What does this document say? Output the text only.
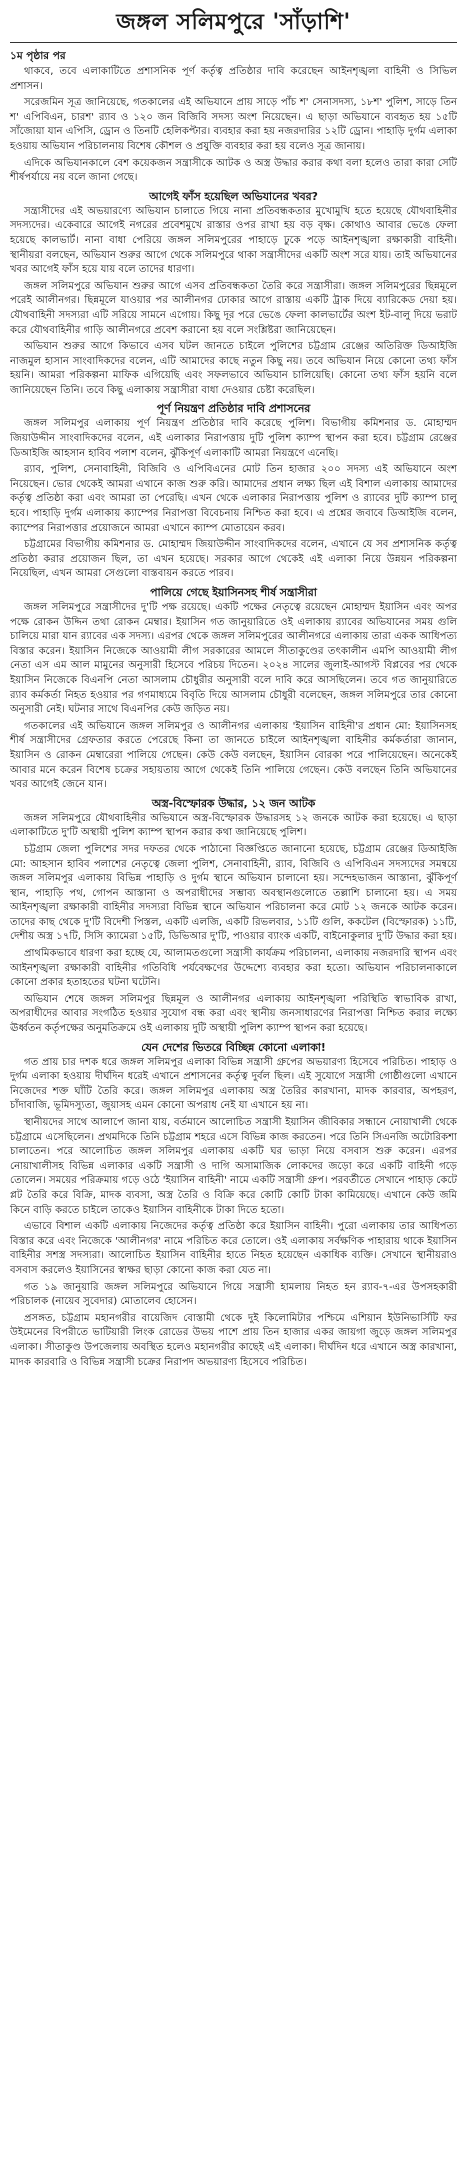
জঙ্গল সলিমপুরে 'সাঁড়াশি'
১ম পৃষ্ঠার পর

থাকবে, তবে এলাকাটিতে প্রশাসনিক পূর্ণ কর্তৃত্ব প্রতিষ্ঠার দাবি করেছেন আইনশৃঙ্খলা বাহিনী ও সিভিল প্রশাসন।

সরেজমিন সূত্র জানিয়েছে, গতকালের এই অভিযানে প্রায় সাড়ে পাঁচ শ' সেনাসদস্য, ১৮শ' পুলিশ, সাড়ে তিন শ' এপিবিএন, চারশ' র‍্যাব ও ১২০ জন বিজিবি সদস্য অংশ নিয়েছেন। এ ছাড়া অভিযানে ব্যবহৃত হয় ১৫টি সাঁজোয়া যান এপিসি, ড্রোন ও তিনটি হেলিকপ্টার। ব্যবহার করা হয় নজরদারির ১২টি ড্রোন। পাহাড়ি দুর্গম এলাকা হওয়ায় অভিযান পরিচালনায় বিশেষ কৌশল ও প্রযুক্তি ব্যবহার করা হয় বলেও সূত্র জানায়।

এদিকে অভিযানকালে বেশ কয়েকজন সন্ত্রাসীকে আটক ও অস্ত্র উদ্ধার করার কথা বলা হলেও তারা কারা সেটি শীর্ষপর্যায়ে নয় বলে জানা গেছে।

আগেই ফাঁস হয়েছিল অভিযানের খবর?

সন্ত্রাসীদের এই অভয়ারণ্যে অভিযান চালাতে গিয়ে নানা প্রতিবন্ধকতার মুখোমুখি হতে হয়েছে যৌথবাহিনীর সদস্যদের। একেবারে আগেই নগরের প্রবেশমুখে রাস্তার ওপর রাখা হয় বড় বৃক্ষ। কোথাও আবার ভেঙে ফেলা হয়েছে কালভার্ট। নানা বাধা পেরিয়ে জঙ্গল সলিমপুরের পাহাড়ে ঢুকে পড়ে আইনশৃঙ্খলা রক্ষাকারী বাহিনী। স্থানীয়রা বলছেন, অভিযান শুরুর আগে থেকে সলিমপুরে থাকা সন্ত্রাসীদের একটি অংশ সরে যায়। তাই অভিযানের খবর আগেই ফাঁস হয়ে যায় বলে তাদের ধারণা।

জঙ্গল সলিমপুরে অভিযান শুরুর আগে এসব প্রতিবন্ধকতা তৈরি করে সন্ত্রাসীরা। জঙ্গল সলিমপুরের ছিন্নমূলে পরেই আলীনগর। ছিন্নমূলে যাওয়ার পর আলীনগর ঢোকার আগে রাস্তায় একটি ট্রাক দিয়ে ব্যারিকেড দেয়া হয়। যৌথবাহিনী সদস্যরা এটি সরিয়ে সামনে এগোয়। কিছু দূর পরে ভেঙে ফেলা কালভার্টের অংশ ইট-বালু দিয়ে ভরাট করে যৌথবাহিনীর গাড়ি আলীনগরে প্রবেশ করানো হয় বলে সংশ্লিষ্টরা জানিয়েছেন।

অভিযান শুরুর আগে কিভাবে এসব ঘটল জানতে চাইলে পুলিশের চট্টগ্রাম রেঞ্জের অতিরিক্ত ডিআইজি নাজমুল হাসান সাংবাদিকদের বলেন, এটি আমাদের কাছে নতুন কিছু নয়। তবে অভিযান নিয়ে কোনো তথ্য ফাঁস হয়নি। আমরা পরিকল্পনা মাফিক এগিয়েছি এবং সফলভাবে অভিযান চালিয়েছি। কোনো তথ্য ফাঁস হয়নি বলে জানিয়েছেন তিনি। তবে কিছু এলাকায় সন্ত্রাসীরা বাধা দেওয়ার চেষ্টা করেছিল।

পূর্ণ নিয়ন্ত্রণ প্রতিষ্ঠার দাবি প্রশাসনের

জঙ্গল সলিমপুর এলাকায় পূর্ণ নিয়ন্ত্রণ প্রতিষ্ঠার দাবি করেছে পুলিশ। বিভাগীয় কমিশনার ড. মোহাম্মদ জিয়াউদ্দীন সাংবাদিকদের বলেন, এই এলাকার নিরাপত্তায় দুটি পুলিশ ক্যাম্প স্থাপন করা হবে। চট্টগ্রাম রেঞ্জের ডিআইজি আহসান হাবিব পলাশ বলেন, ঝুঁকিপূর্ণ এলাকাটি আমরা নিয়ন্ত্রণে এনেছি।

র‍্যাব, পুলিশ, সেনাবাহিনী, বিজিবি ও এপিবিএনের মোট তিন হাজার ২০০ সদস্য এই অভিযানে অংশ নিয়েছেন। ভোর থেকেই আমরা এখানে কাজ শুরু করি। আমাদের প্রধান লক্ষ্য ছিল এই বিশাল এলাকায় আমাদের কর্তৃত্ব প্রতিষ্ঠা করা এবং আমরা তা পেরেছি। এখন থেকে এলাকার নিরাপত্তায় পুলিশ ও র‍্যাবের দুটি ক্যাম্প চালু হবে। পাহাড়ি দুর্গম এলাকায় ক্যাম্পের নিরাপত্তা বিবেচনায় নিশ্চিত করা হবে। এ প্রশ্নের জবাবে ডিআইজি বলেন, ক্যাম্পের নিরাপত্তার প্রয়োজনে আমরা এখানে ক্যাম্প মোতায়েন করব।

চট্টগ্রামের বিভাগীয় কমিশনার ড. মোহাম্মদ জিয়াউদ্দীন সাংবাদিকদের বলেন, এখানে যে সব প্রশাসনিক কর্তৃত্ব প্রতিষ্ঠা করার প্রয়োজন ছিল, তা এখন হয়েছে। সরকার আগে থেকেই এই এলাকা নিয়ে উন্নয়ন পরিকল্পনা নিয়েছিল, এখন আমরা সেগুলো বাস্তবায়ন করতে পারব।

পালিয়ে গেছে ইয়াসিনসহ শীর্ষ সন্ত্রাসীরা

জঙ্গল সলিমপুরে সন্ত্রাসীদের দু'টি পক্ষ রয়েছে। একটি পক্ষের নেতৃত্বে রয়েছেন মোহাম্মদ ইয়াসিন এবং অপর পক্ষে রোকন উদ্দিন তথা রোকন মেম্বার। ইয়াসিন গত জানুয়ারিতে ওই এলাকায় র‍্যাবের অভিযানের সময় গুলি চালিয়ে মারা যান র‍্যাবের এক সদস্য। এরপর থেকে জঙ্গল সলিমপুরের আলীনগরে এলাকায় তারা একক আধিপত্য বিস্তার করেন। ইয়াসিন নিজেকে আওয়ামী লীগ সরকারের আমলে সীতাকুণ্ডের তৎকালীন এমপি আওয়ামী লীগ নেতা এস এম আল মামুনের অনুসারী হিসেবে পরিচয় দিতেন। ২০২৪ সালের জুলাই-আগস্ট বিপ্লবের পর থেকে ইয়াসিন নিজেকে বিএনপি নেতা আসলাম চৌধুরীর অনুসারী বলে দাবি করে আসছিলেন। তবে গত জানুয়ারিতে র‍্যাব কর্মকর্তা নিহত হওয়ার পর গণমাধ্যমে বিবৃতি দিয়ে আসলাম চৌধুরী বলেছেন, জঙ্গল সলিমপুরে তার কোনো অনুসারী নেই। ঘটনার সাথে বিএনপির কেউ জড়িত নয়।

গতকালের এই অভিযানে জঙ্গল সলিমপুর ও আলীনগর এলাকায় 'ইয়াসিন বাহিনী'র প্রধান মো: ইয়াসিনসহ শীর্ষ সন্ত্রাসীদের গ্রেফতার করতে পেরেছে কিনা তা জানতে চাইলে আইনশৃঙ্খলা বাহিনীর কর্মকর্তারা জানান, ইয়াসিন ও রোকন মেম্বারেরা পালিয়ে গেছেন। কেউ কেউ বলছেন, ইয়াসিন বোরকা পরে পালিয়েছেন। অনেকেই আবার মনে করেন বিশেষ চক্রের সহায়তায় আগে থেকেই তিনি পালিয়ে গেছেন। কেউ বলছেন তিনি অভিযানের খবর আগেই জেনে যান।

অস্ত্র-বিস্ফোরক উদ্ধার, ১২ জন আটক

জঙ্গল সলিমপুরে যৌথবাহিনীর অভিযানে অস্ত্র-বিস্ফোরক উদ্ধারসহ ১২ জনকে আটক করা হয়েছে। এ ছাড়া এলাকাটিতে দু'টি অস্থায়ী পুলিশ ক্যাম্প স্থাপন করার কথা জানিয়েছে পুলিশ।

চট্টগ্রাম জেলা পুলিশের সদর দফতর থেকে পাঠানো বিজ্ঞপ্তিতে জানানো হয়েছে, চট্টগ্রাম রেঞ্জের ডিআইজি মো: আহসান হাবিব পলাশের নেতৃত্বে জেলা পুলিশ, সেনাবাহিনী, র‍্যাব, বিজিবি ও এপিবিএন সদস্যদের সমন্বয়ে জঙ্গল সলিমপুর এলাকায় বিভিন্ন পাহাড়ি ও দুর্গম স্থানে অভিযান চালানো হয়। সন্দেহভাজন আস্তানা, ঝুঁকিপূর্ণ স্থান, পাহাড়ি পথ, গোপন আস্তানা ও অপরাধীদের সম্ভাব্য অবস্থানগুলোতে তল্লাশি চালানো হয়। এ সময় আইনশৃঙ্খলা রক্ষাকারী বাহিনীর সদস্যরা বিভিন্ন স্থানে অভিযান পরিচালনা করে মোট ১২ জনকে আটক করেন। তাদের কাছ থেকে দু'টি বিদেশী পিস্তল, একটি এলজি, একটি রিভলবার, ১১টি গুলি, ককটেল (বিস্ফোরক) ১১টি, দেশীয় অস্ত্র ১৭টি, সিসি ক্যামেরা ১৫টি, ডিভিআর দু'টি, পাওয়ার ব্যাংক একটি, বাইনোকুলার দু'টি উদ্ধার করা হয়।

প্রাথমিকভাবে ধারণা করা হচ্ছে যে, আলামতগুলো সন্ত্রাসী কার্যক্রম পরিচালনা, এলাকায় নজরদারি স্থাপন এবং আইনশৃঙ্খলা রক্ষাকারী বাহিনীর গতিবিধি পর্যবেক্ষণের উদ্দেশ্যে ব্যবহার করা হতো। অভিযান পরিচালনাকালে কোনো প্রকার হতাহতের ঘটনা ঘটেনি।

অভিযান শেষে জঙ্গল সলিমপুর ছিন্নমূল ও আলীনগর এলাকায় আইনশৃঙ্খলা পরিস্থিতি স্বাভাবিক রাখা, অপরাধীদের আবার সংগঠিত হওয়ার সুযোগ বন্ধ করা এবং স্থানীয় জনসাধারণের নিরাপত্তা নিশ্চিত করার লক্ষ্যে ঊর্ধ্বতন কর্তৃপক্ষের অনুমতিক্রমে ওই এলাকায় দুটি অস্থায়ী পুলিশ ক্যাম্প স্থাপন করা হয়েছে।

যেন দেশের ভিতরে বিচ্ছিন্ন কোনো এলাকা!

গত প্রায় চার দশক ধরে জঙ্গল সলিমপুর এলাকা বিভিন্ন সন্ত্রাসী গ্রুপের অভয়ারণ্য হিসেবে পরিচিত। পাহাড় ও দুর্গম এলাকা হওয়ায় দীর্ঘদিন ধরেই এখানে প্রশাসনের কর্তৃত্ব দুর্বল ছিল। এই সুযোগে সন্ত্রাসী গোষ্ঠীগুলো এখানে নিজেদের শক্ত ঘাঁটি তৈরি করে। জঙ্গল সলিমপুর এলাকায় অস্ত্র তৈরির কারখানা, মাদক কারবার, অপহরণ, চাঁদাবাজি, ভূমিদস্যুতা, জুয়াসহ এমন কোনো অপরাধ নেই যা এখানে হয় না।

স্থানীয়দের সাথে আলাপে জানা যায়, বর্তমানে আলোচিত সন্ত্রাসী ইয়াসিন জীবিকার সন্ধানে নোয়াখালী থেকে চট্টগ্রামে এসেছিলেন। প্রথমদিকে তিনি চট্টগ্রাম শহরে এসে বিভিন্ন কাজ করতেন। পরে তিনি সিএনজি অটোরিকশা চালাতেন। পরে আলোচিত জঙ্গল সলিমপুর এলাকায় একটি ঘর ভাড়া নিয়ে বসবাস শুরু করেন। এরপর নোয়াখালীসহ বিভিন্ন এলাকার একটি সন্ত্রাসী ও দাগি অসামাজিক লোকদের জড়ো করে একটি বাহিনী গড়ে তোলেন। সময়ের পরিক্রমায় গড়ে ওঠে 'ইয়াসিন বাহিনী' নামে একটি সন্ত্রাসী গ্রুপ। পরবর্তীতে সেখানে পাহাড় কেটে প্লট তৈরি করে বিক্রি, মাদক ব্যবসা, অস্ত্র তৈরি ও বিক্রি করে কোটি কোটি টাকা কামিয়েছে। এখানে কেউ জমি কিনে বাড়ি করতে চাইলে তাকেও ইয়াসিন বাহিনীকে টাকা দিতে হতো।

এভাবে বিশাল একটি এলাকায় নিজেদের কর্তৃত্ব প্রতিষ্ঠা করে ইয়াসিন বাহিনী। পুরো এলাকায় তার আধিপত্য বিস্তার করে এবং নিজেকে 'আলীনগর' নামে পরিচিত করে তোলে। ওই এলাকায় সর্বক্ষণিক পাহারায় থাকে ইয়াসিন বাহিনীর সশস্ত্র সদস্যরা। আলোচিত ইয়াসিন বাহিনীর হাতে নিহত হয়েছেন একাধিক ব্যক্তি। সেখানে স্থানীয়রাও বসবাস করলেও ইয়াসিনের স্বাক্ষর ছাড়া কোনো কাজ করা যেত না।

গত ১৯ জানুয়ারি জঙ্গল সলিমপুরে অভিযানে গিয়ে সন্ত্রাসী হামলায় নিহত হন র‍্যাব-৭-এর উপসহকারী পরিচালক (নায়েব সুবেদার) মোতালেব হোসেন।

প্রসঙ্গত, চট্টগ্রাম মহানগরীর বায়েজিদ বোস্তামী থেকে দুই কিলোমিটার পশ্চিমে এশিয়ান ইউনিভার্সিটি ফর উইমেনের বিপরীতে ভাটিয়ারী লিংক রোডের উভয় পাশে প্রায় তিন হাজার একর জায়গা জুড়ে জঙ্গল সলিমপুর এলাকা। সীতাকুণ্ড উপজেলায় অবস্থিত হলেও মহানগরীর কাছেই এই এলাকা। দীর্ঘদিন ধরে এখানে অস্ত্র কারখানা, মাদক কারবারি ও বিভিন্ন সন্ত্রাসী চক্রের নিরাপদ অভয়ারণ্য হিসেবে পরিচিত।
